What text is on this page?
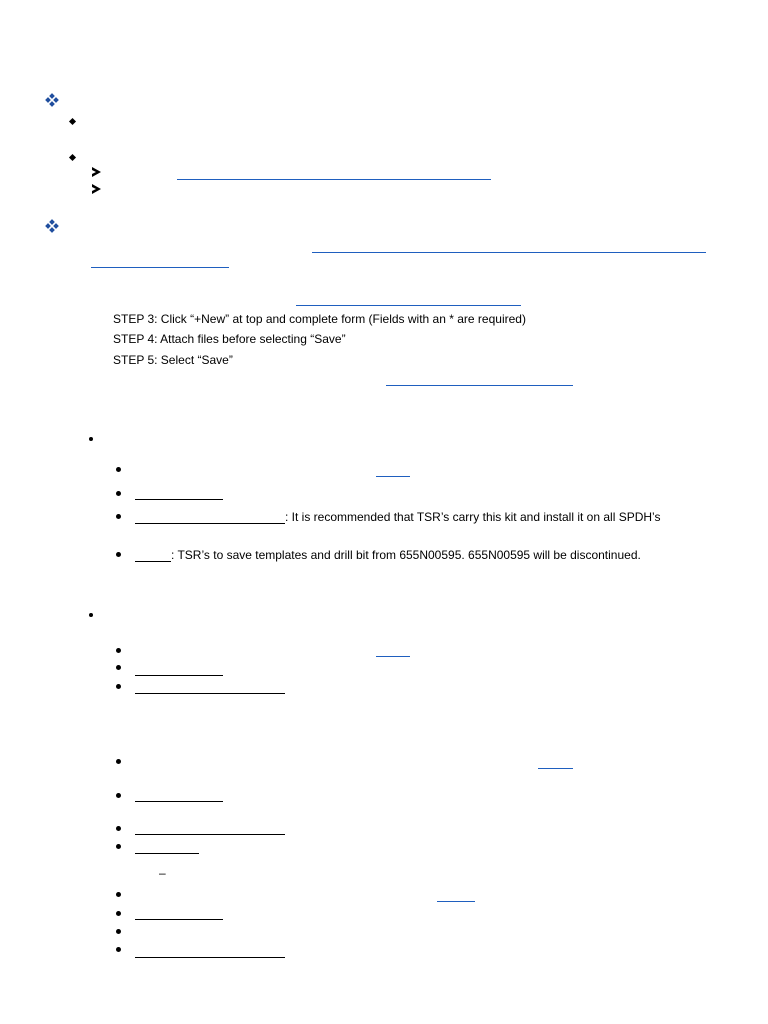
STEP 3: Click “+New” at top and complete form (Fields with an * are required)
STEP 4: Attach files before selecting “Save”
STEP 5: Select “Save”
: It is recommended that TSR’s carry this kit and install it on all SPDH’s
: TSR’s to save templates and drill bit from 655N00595. 655N00595 will be discontinued.
–
